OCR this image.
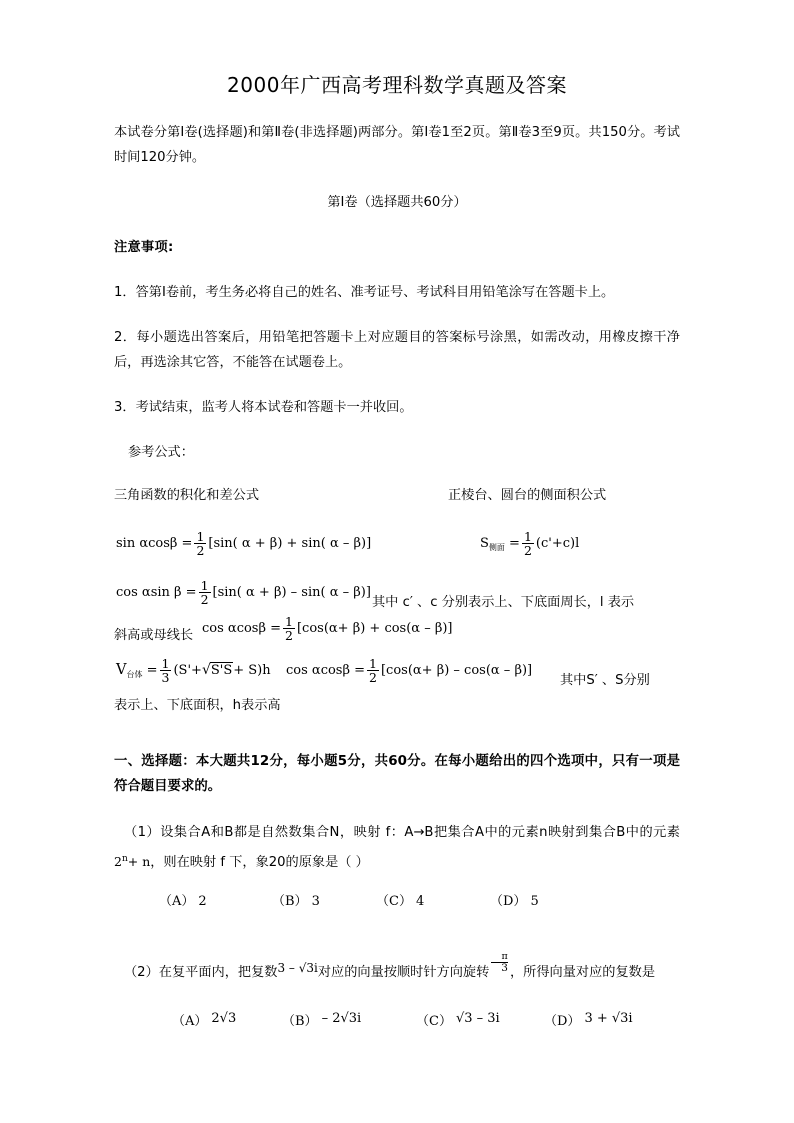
2000年广西高考理科数学真题及答案
本试卷分第Ⅰ卷(选择题)和第Ⅱ卷(非选择题)两部分。第Ⅰ卷1至2页。第Ⅱ卷3至9页。共150分。考试时间120分钟。
第Ⅰ卷（选择题共60分）
注意事项:
1．答第Ⅰ卷前，考生务必将自己的姓名、准考证号、考试科目用铅笔涂写在答题卡上。
2．每小题选出答案后，用铅笔把答题卡上对应题目的答案标号涂黑，如需改动，用橡皮擦干净后，再选涂其它答，不能答在试题卷上。
3．考试结束，监考人将本试卷和答题卡一并收回。
参考公式：
三角函数的积化和差公式	正棱台、圆台的侧面积公式
$\sin \alpha\cos\beta = \frac{1}{2} [\sin$( α + β) + sin( α – β)]	$S_{侧面} = \frac{1}{2} (c'+c)l$
cos αsin $\beta = \frac{1}{2} [\sin$( α + β) – sin( α – β)]
其中 c′ 、c 分别表示上、下底面周长，l 表示
斜高或母线长 $\cos \alpha\cos\beta = \frac{1}{2} [\cos(\alpha+ \beta) + \cos(\alpha - \beta)]$
$V_{台体} = \frac{1}{3} (S'+√S'S+ S)h$ $\cos \alpha\cos\beta = \frac{1}{2} [\cos(\alpha+ \beta) - \cos(\alpha - \beta)]$
其中S′ 、S分别
表示上、下底面积，h表示高
一、选择题：本大题共12分，每小题5分，共60分。在每小题给出的四个选项中，只有一项是符合题目要求的。
（1）设集合A和B都是自然数集合N，映射 f：A→B把集合A中的元素n映射到集合B中的元素$2^n+ n$，则在映射 f 下，象20的原象是（ ）
（A） 2	（B） 3	（C） 4	（D） 5
（2）在复平面内，把复数3 – √3i对应的向量按顺时针方向旋转 $\frac{\pi}{3}$ ，所得向量对应的复数是
（A） 2√3	（B） – 2√3i	（C） √3 – 3i	（D） 3 + √3i
